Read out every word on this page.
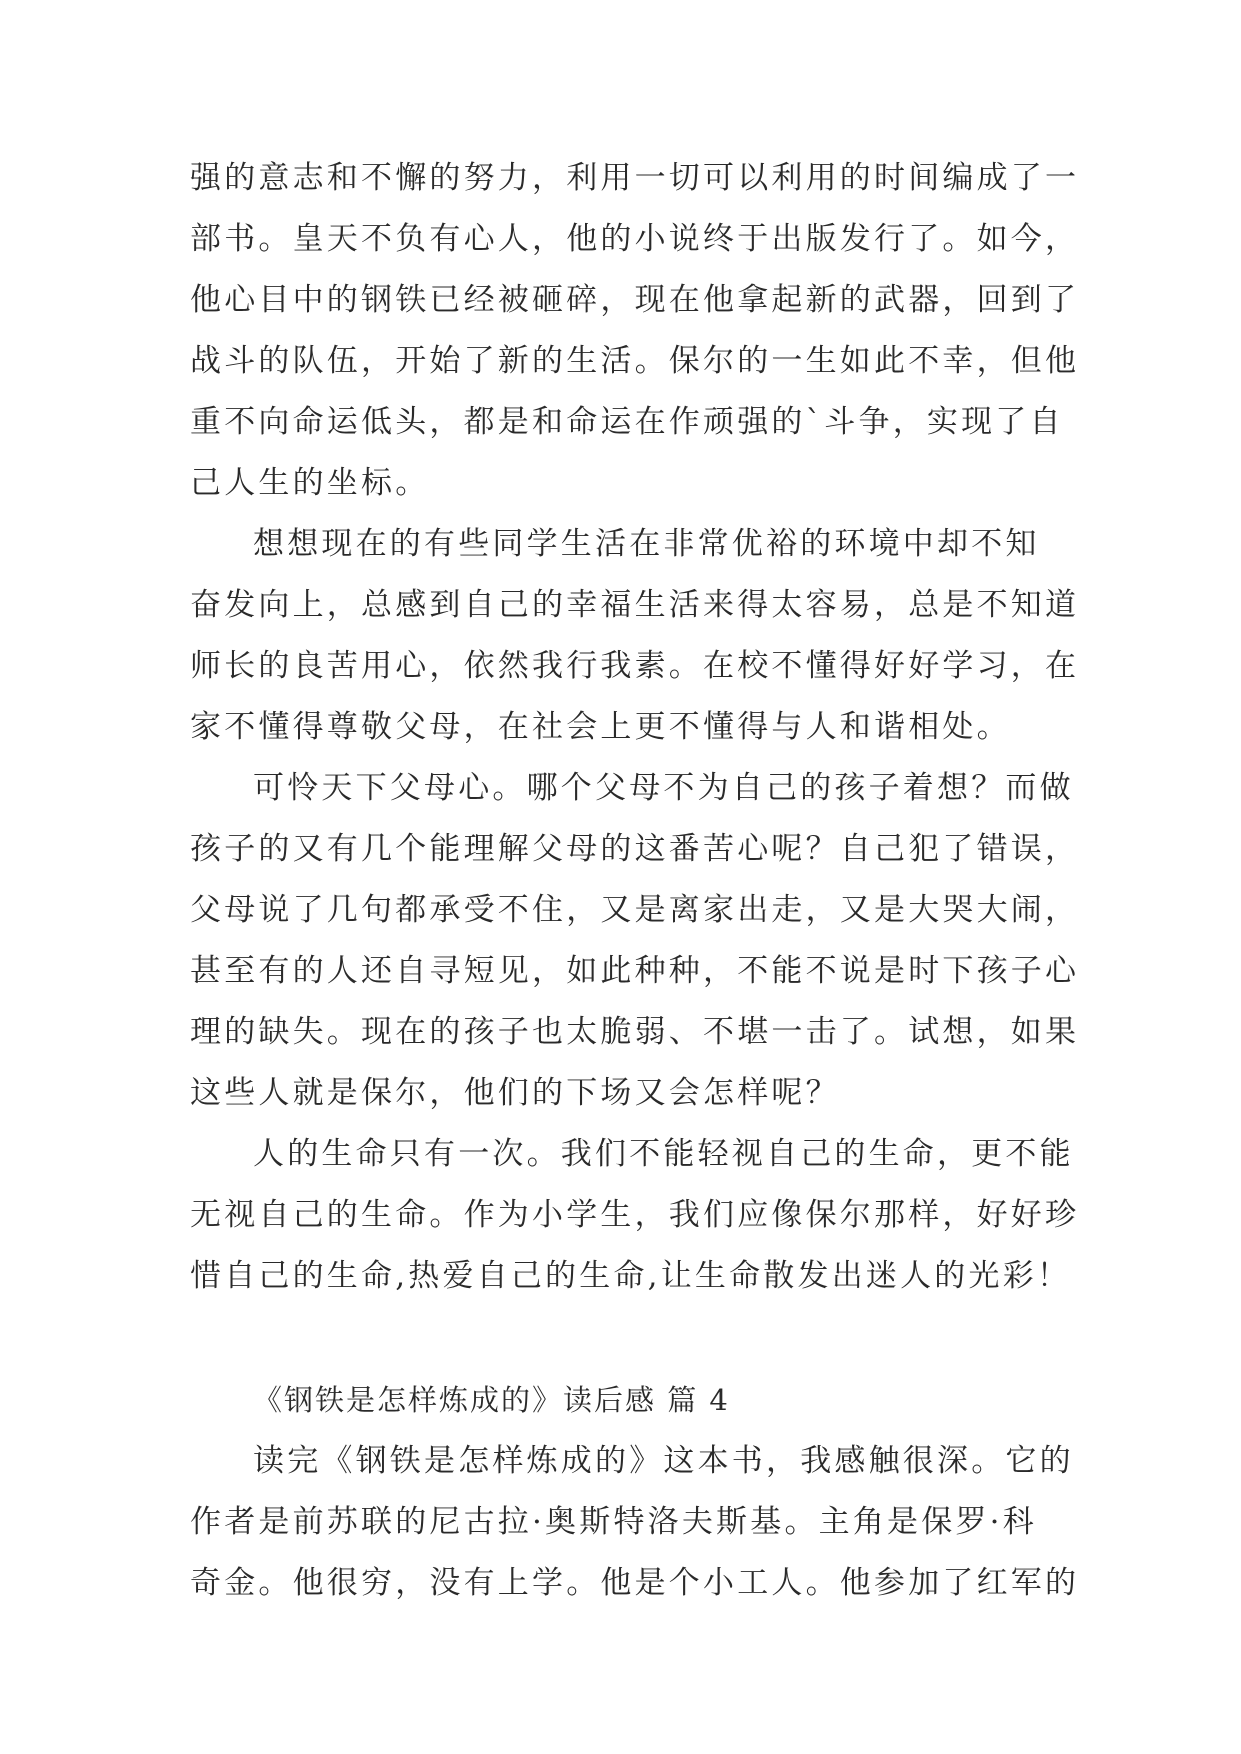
强的意志和不懈的努力，利用一切可以利用的时间编成了一
部书。皇天不负有心人，他的小说终于出版发行了。如今，
他心目中的钢铁已经被砸碎，现在他拿起新的武器，回到了
战斗的队伍，开始了新的生活。保尔的一生如此不幸，但他
重不向命运低头，都是和命运在作顽强的`斗争，实现了自
己人生的坐标。
想想现在的有些同学生活在非常优裕的环境中却不知
奋发向上，总感到自己的幸福生活来得太容易，总是不知道
师长的良苦用心，依然我行我素。在校不懂得好好学习，在
家不懂得尊敬父母，在社会上更不懂得与人和谐相处。
可怜天下父母心。哪个父母不为自己的孩子着想？而做
孩子的又有几个能理解父母的这番苦心呢？自己犯了错误，
父母说了几句都承受不住，又是离家出走，又是大哭大闹，
甚至有的人还自寻短见，如此种种，不能不说是时下孩子心
理的缺失。现在的孩子也太脆弱、不堪一击了。试想，如果
这些人就是保尔，他们的下场又会怎样呢？
人的生命只有一次。我们不能轻视自己的生命，更不能
无视自己的生命。作为小学生，我们应像保尔那样，好好珍
惜自己的生命,热爱自己的生命,让生命散发出迷人的光彩！
《钢铁是怎样炼成的》读后感 篇 4
读完《钢铁是怎样炼成的》这本书，我感触很深。它的
作者是前苏联的尼古拉·奥斯特洛夫斯基。主角是保罗·科
奇金。他很穷，没有上学。他是个小工人。他参加了红军的
